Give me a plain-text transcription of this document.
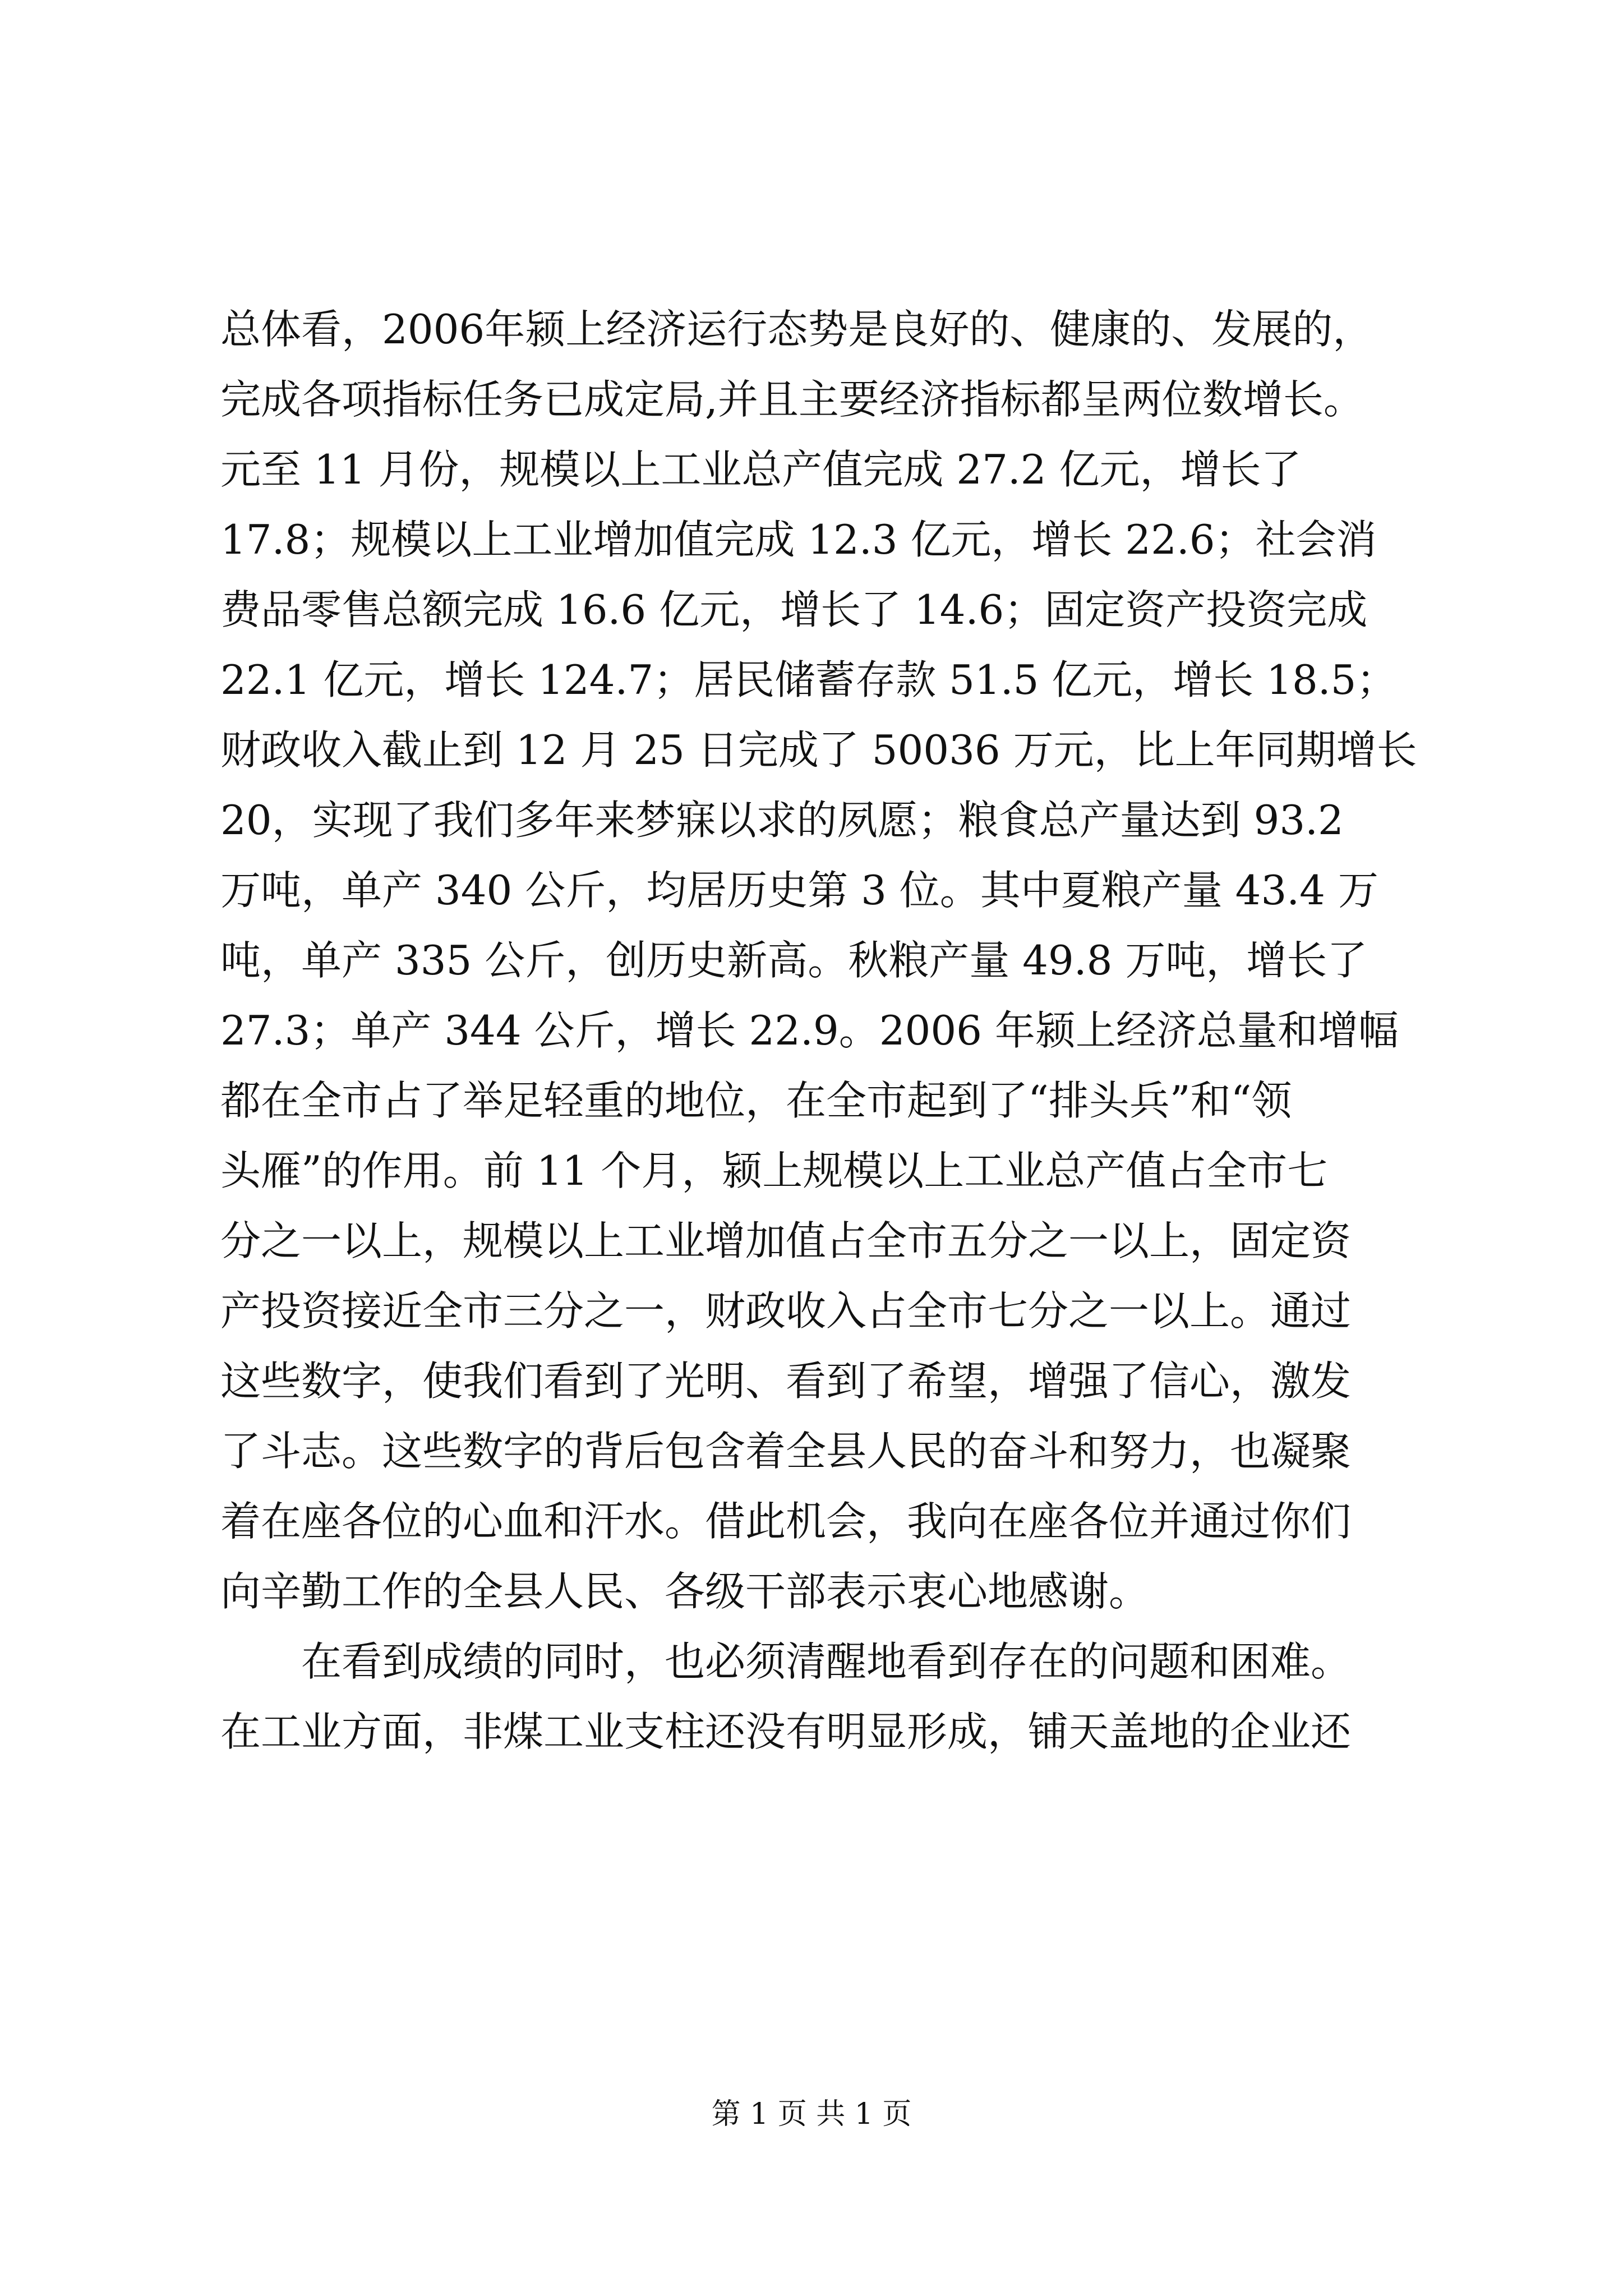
总体看，2006年颍上经济运行态势是良好的、健康的、发展的，
完成各项指标任务已成定局,并且主要经济指标都呈两位数增长。
元至 11 月份，规模以上工业总产值完成 27.2 亿元，增长了
17.8；规模以上工业增加值完成 12.3 亿元，增长 22.6；社会消
费品零售总额完成 16.6 亿元，增长了 14.6；固定资产投资完成
22.1 亿元，增长 124.7；居民储蓄存款 51.5 亿元，增长 18.5；
财政收入截止到 12 月 25 日完成了 50036 万元，比上年同期增长
20，实现了我们多年来梦寐以求的夙愿；粮食总产量达到 93.2
万吨，单产 340 公斤，均居历史第 3 位。其中夏粮产量 43.4 万
吨，单产 335 公斤，创历史新高。秋粮产量 49.8 万吨，增长了
27.3；单产 344 公斤，增长 22.9。2006 年颍上经济总量和增幅
都在全市占了举足轻重的地位，在全市起到了“排头兵”和“领
头雁”的作用。前 11 个月，颍上规模以上工业总产值占全市七
分之一以上，规模以上工业增加值占全市五分之一以上，固定资
产投资接近全市三分之一，财政收入占全市七分之一以上。通过
这些数字，使我们看到了光明、看到了希望，增强了信心，激发
了斗志。这些数字的背后包含着全县人民的奋斗和努力，也凝聚
着在座各位的心血和汗水。借此机会，我向在座各位并通过你们
向辛勤工作的全县人民、各级干部表示衷心地感谢。
　　在看到成绩的同时，也必须清醒地看到存在的问题和困难。
在工业方面，非煤工业支柱还没有明显形成，铺天盖地的企业还
第 1 页 共 1 页
